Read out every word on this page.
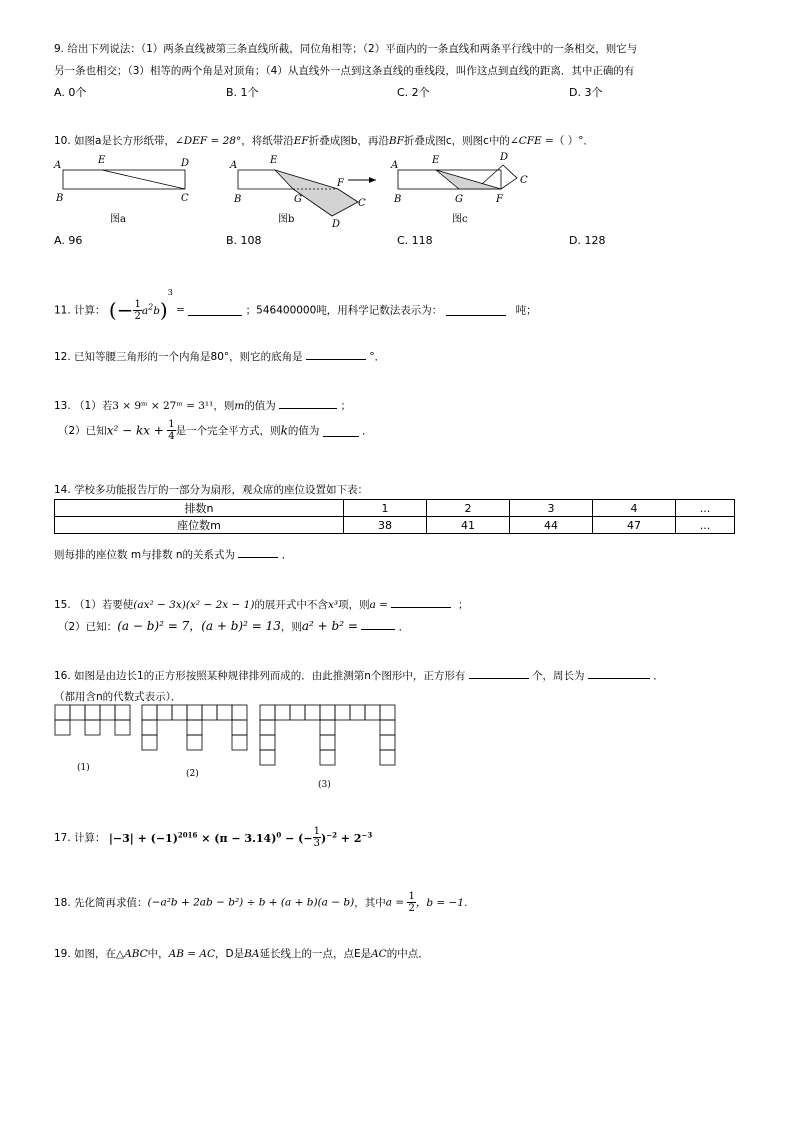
9. 给出下列说法：（1）两条直线被第三条直线所截，同位角相等；（2）平面内的一条直线和两条平行线中的一条相交，则它与
另一条也相交；（3）相等的两个角是对顶角；（4）从直线外一点到这条直线的垂线段，叫作这点到直线的距离．其中正确的有
A. 0个	B. 1个	C. 2个	D. 3个
10. 如图a是长方形纸带，∠DEF = 28°，将纸带沿EF折叠成图b，再沿BF折叠成图c，则图c中的∠CFE =（ ）°．
A	E	D
B	C
图a
A	E
F
B	G	C
D
图b
A	E	D
C
B	G	F
图c
A. 96	B. 108	C. 118	D. 128
11. 计算： (− $\frac{1}{2} a^2b)^3$ =	；546400000吨，用科学记数法表示为：	吨；
12. 已知等腰三角形的一个内角是80°，则它的底角是	°．
13. （1）若3 × 9ᵐ × 27ᵐ = 3¹¹，则m的值为	；
（2）已知x² − kx + $\frac{1}{4}$ 是一个完全平方式，则k的值为	．
14. 学校多功能报告厅的一部分为扇形，观众席的座位设置如下表：
排数n	1	2	3	4	...
座位数m	38	41	44	47	...
则每排的座位数 m与排数 n的关系式为	．
15. （1）若要使(ax² − 3x)(x² − 2x − 1)的展开式中不含x³项，则a =	；
（2）已知：(a − b)² = 7，(a + b)² = 13，则a² + b² =	．
16. 如图是由边长1的正方形按照某种规律排列而成的．由此推测第n个图形中，正方形有	个，周长为	．
（都用含n的代数式表示）．
(1)
(2)
(3)
17. 计算： $|-3| + (-1)^{2016} \times (\pi - 3.14)^0$ − (− $\frac{1}{3} )^{-2} + 2^{-3}$
18. 先化简再求值：(−a²b + 2ab − b²) ÷ b + (a + b)(a − b)，其中$a = \frac{1}{2}$ ，b = −1.
19. 如图，在△ABC中，AB = AC，D是BA延长线上的一点，点E是AC的中点．
